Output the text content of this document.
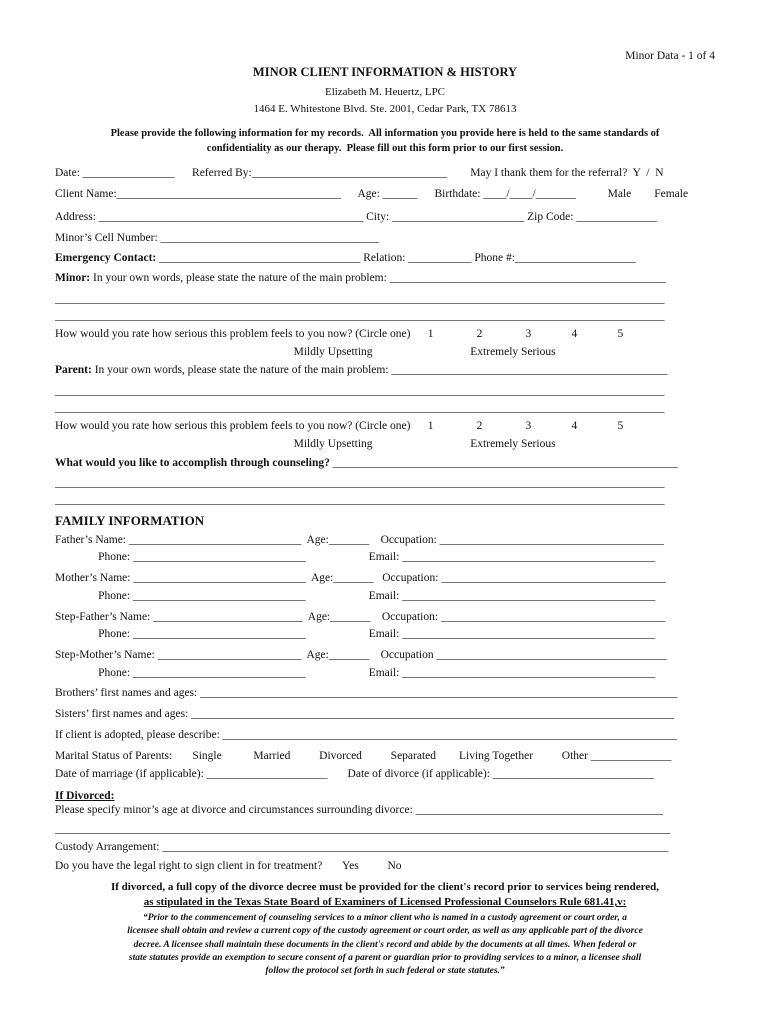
Minor Data - 1 of 4
MINOR CLIENT INFORMATION & HISTORY
Elizabeth M. Heuertz, LPC
1464 E. Whitestone Blvd. Ste. 2001, Cedar Park, TX 78613
Please provide the following information for my records.  All information you provide here is held to the same standards of
confidentiality as our therapy.  Please fill out this form prior to our first session.
Date: ________________      Referred By:__________________________________        May I thank them for the referral?  Y  /  N
Client Name:_______________________________________      Age: ______      Birthdate: ____/____/_______           Male        Female
Address: ______________________________________________ City: _______________________ Zip Code: ______________
Minor’s Cell Number: ______________________________________
Emergency Contact: ___________________________________ Relation: ___________ Phone #:_____________________
Minor: In your own words, please state the nature of the main problem: ________________________________________________
__________________________________________________________________________________________________________
__________________________________________________________________________________________________________
How would you rate how serious this problem feels to you now? (Circle one)      1               2               3              4              5
Mildly Upsetting                                  Extremely Serious
Parent: In your own words, please state the nature of the main problem: ________________________________________________
__________________________________________________________________________________________________________
__________________________________________________________________________________________________________
How would you rate how serious this problem feels to you now? (Circle one)      1               2               3              4              5
Mildly Upsetting                                  Extremely Serious
What would you like to accomplish through counseling? ____________________________________________________________
__________________________________________________________________________________________________________
__________________________________________________________________________________________________________
FAMILY INFORMATION
Father’s Name: ______________________________  Age:_______    Occupation: _______________________________________
Phone: ______________________________                      Email: ____________________________________________
Mother’s Name: ______________________________  Age:_______   Occupation: _______________________________________
Phone: ______________________________                      Email: ____________________________________________
Step-Father’s Name: __________________________  Age:_______    Occupation: _______________________________________
Phone: ______________________________                      Email: ____________________________________________
Step-Mother’s Name: _________________________  Age:_______    Occupation ________________________________________
Phone: ______________________________                      Email: ____________________________________________
Brothers’ first names and ages: ___________________________________________________________________________________
Sisters’ first names and ages: ____________________________________________________________________________________
If client is adopted, please describe: _______________________________________________________________________________
Marital Status of Parents:       Single           Married          Divorced          Separated        Living Together          Other ______________
Date of marriage (if applicable): _____________________       Date of divorce (if applicable): ____________________________
If Divorced:
Please specify minor’s age at divorce and circumstances surrounding divorce: ___________________________________________
___________________________________________________________________________________________________________
Custody Arrangement: ________________________________________________________________________________________
Do you have the legal right to sign client in for treatment?       Yes          No
If divorced, a full copy of the divorce decree must be provided for the client's record prior to services being rendered,
as stipulated in the Texas State Board of Examiners of Licensed Professional Counselors Rule 681.41,v:
“Prior to the commencement of counseling services to a minor client who is named in a custody agreement or court order, a
licensee shall obtain and review a current copy of the custody agreement or court order, as well as any applicable part of the divorce
decree. A licensee shall maintain these documents in the client's record and abide by the documents at all times. When federal or
state statutes provide an exemption to secure consent of a parent or guardian prior to providing services to a minor, a licensee shall
follow the protocol set forth in such federal or state statutes.”
